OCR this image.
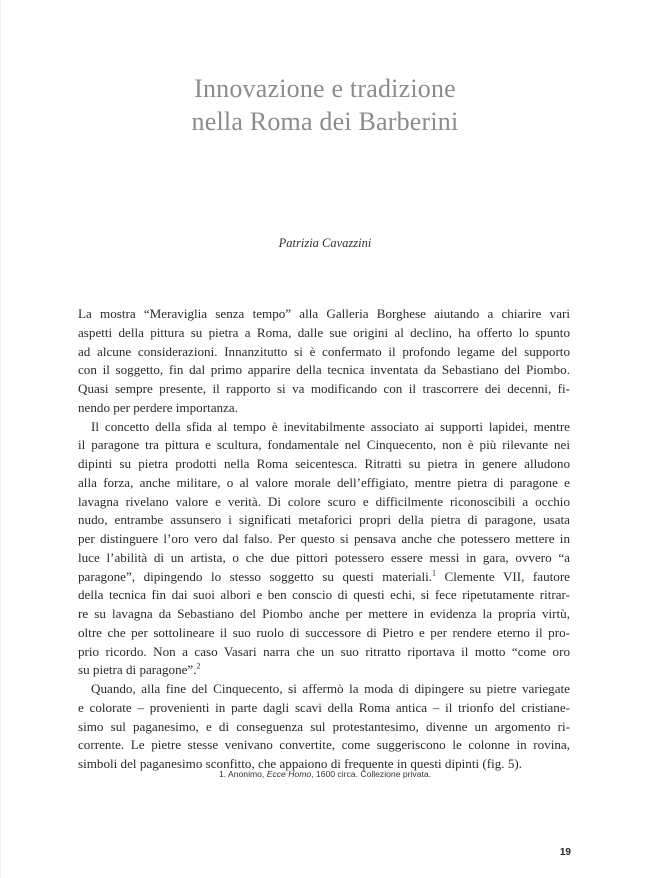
Innovazione e tradizione
nella Roma dei Barberini
Patrizia Cavazzini

La mostra “Meraviglia senza tempo” alla Galleria Borghese aiutando a chiarire vari
aspetti della pittura su pietra a Roma, dalle sue origini al declino, ha offerto lo spunto
ad alcune considerazioni. Innanzitutto si è confermato il profondo legame del supporto
con il soggetto, fin dal primo apparire della tecnica inventata da Sebastiano del Piombo.
Quasi sempre presente, il rapporto si va modificando con il trascorrere dei decenni, fi-
nendo per perdere importanza.

Il concetto della sfida al tempo è inevitabilmente associato ai supporti lapidei, mentre
il paragone tra pittura e scultura, fondamentale nel Cinquecento, non è più rilevante nei
dipinti su pietra prodotti nella Roma seicentesca. Ritratti su pietra in genere alludono
alla forza, anche militare, o al valore morale dell’effigiato, mentre pietra di paragone e
lavagna rivelano valore e verità. Di colore scuro e difficilmente riconoscibili a occhio
nudo, entrambe assunsero i significati metaforici propri della pietra di paragone, usata
per distinguere l’oro vero dal falso. Per questo si pensava anche che potessero mettere in
luce l’abilità di un artista, o che due pittori potessero essere messi in gara, ovvero “a
paragone”, dipingendo lo stesso soggetto su questi materiali.$^1$ Clemente VII, fautore
della tecnica fin dai suoi albori e ben conscio di questi echi, si fece ripetutamente ritrar-
re su lavagna da Sebastiano del Piombo anche per mettere in evidenza la propria virtù,
oltre che per sottolineare il suo ruolo di successore di Pietro e per rendere eterno il pro-
prio ricordo. Non a caso Vasari narra che un suo ritratto riportava il motto “come oro
su pietra di paragone”.$^2$

Quando, alla fine del Cinquecento, si affermò la moda di dipingere su pietre variegate
e colorate – provenienti in parte dagli scavi della Roma antica – il trionfo del cristiane-
simo sul paganesimo, e di conseguenza sul protestantesimo, divenne un argomento ri-
corrente. Le pietre stesse venivano convertite, come suggeriscono le colonne in rovina,
simboli del paganesimo sconfitto, che appaiono di frequente in questi dipinti (fig. 5).

1. Anonimo, Ecce Homo, 1600 circa. Collezione privata.
19
